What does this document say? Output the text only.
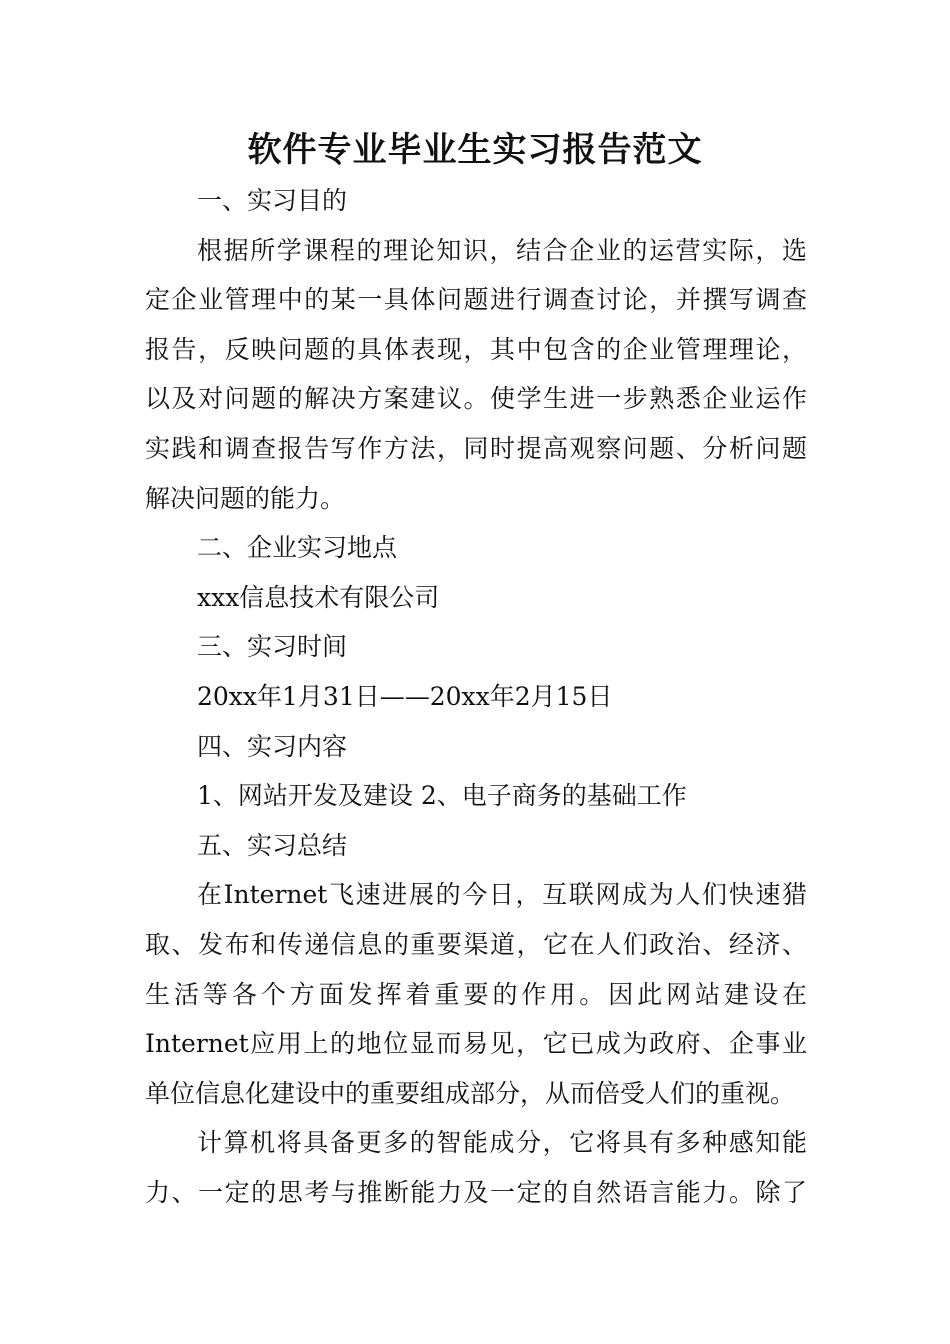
软件专业毕业生实习报告范文
一、实习目的
根据所学课程的理论知识，结合企业的运营实际，选
定企业管理中的某一具体问题进行调查讨论，并撰写调查
报告，反映问题的具体表现，其中包含的企业管理理论，
以及对问题的解决方案建议。使学生进一步熟悉企业运作
实践和调查报告写作方法，同时提高观察问题、分析问题
解决问题的能力。
二、企业实习地点
xxx信息技术有限公司
三、实习时间
20xx年1月31日——20xx年2月15日
四、实习内容
1、网站开发及建设 2、电子商务的基础工作
五、实习总结
在Internet飞速进展的今日，互联网成为人们快速猎
取、发布和传递信息的重要渠道，它在人们政治、经济、
生活等各个方面发挥着重要的作用。因此网站建设在
Internet应用上的地位显而易见，它已成为政府、企事业
单位信息化建设中的重要组成部分，从而倍受人们的重视。
计算机将具备更多的智能成分，它将具有多种感知能
力、一定的思考与推断能力及一定的自然语言能力。除了
